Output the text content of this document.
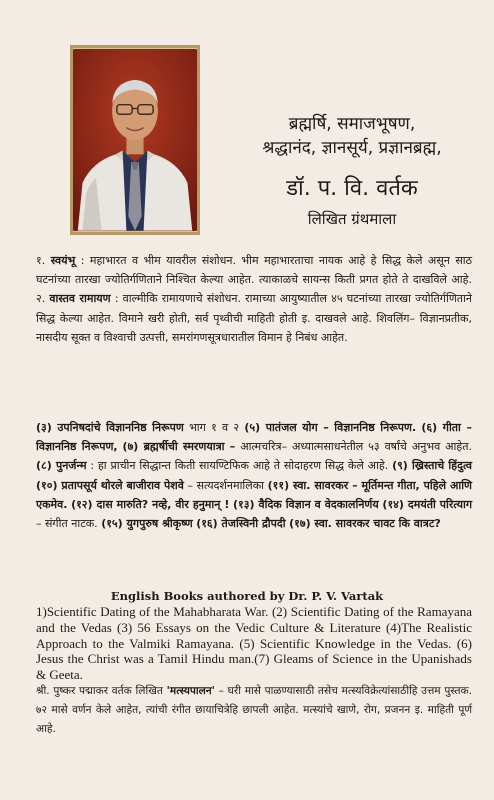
ब्रह्मर्षि, समाजभूषण,
श्रद्धानंद, ज्ञानसूर्य, प्रज्ञानब्रह्म,
डॉ. प. वि. वर्तक
लिखित ग्रंथमाला

१. स्वयंभू : महाभारत व भीम यावरील संशोधन. भीम महाभारताचा नायक आहे हे सिद्ध केले असून साठ घटनांच्या तारखा ज्योतिर्गणिताने निश्चित केल्या आहेत. त्याकाळचे सायन्स किती प्रगत होते ते दाखविले आहे. २. वास्तव रामायण : वाल्मीकि रामायणाचे संशोधन. रामाच्या आयुष्यातील ४५ घटनांच्या तारखा ज्योतिर्गणिताने सिद्ध केल्या आहेत. विमाने खरी होती, सर्व पृथ्वीची माहिती होती इ. दाखवले आहे. शिवलिंग– विज्ञानप्रतीक, नासदीय सूक्त व विश्वाची उत्पत्ती, समरांगणसूत्रधारातील विमान हे निबंध आहेत.

(३) उपनिषदांचे विज्ञाननिष्ठ निरूपण भाग १ व २ (५) पातंजल योग – विज्ञाननिष्ठ निरूपण. (६) गीता – विज्ञाननिष्ठ निरूपण, (७) ब्रह्मर्षीची स्मरणयात्रा – आत्मचरित्र– अध्यात्मसाधनेतील ५३ वर्षांचे अनुभव आहेत. (८) पुनर्जन्म : हा प्राचीन सिद्धान्त किती सायण्टिफिक आहे ते सोदाहरण सिद्ध केले आहे. (९) ख्रिस्ताचे हिंदुत्व (१०) प्रतापसूर्य थोरले बाजीराव पेशवे – सत्यदर्शनमालिका (११) स्वा. सावरकर – मूर्तिमन्त गीता, पहिले आणि एकमेव. (१२) दास मारुति? नव्हे, वीर हनुमान् ! (१३) वैदिक विज्ञान व वेदकालनिर्णय (१४) दमयंती परित्याग – संगीत नाटक. (१५) युगपुरुष श्रीकृष्ण (१६) तेजस्विनी द्रौपदी (१७) स्वा. सावरकर चावट कि वात्रट?

English Books authored by Dr. P. V. Vartak

1)Scientific Dating of the Mahabharata War. (2) Scientific Dating of the Ramayana and the Vedas (3) 56 Essays on the Vedic Culture & Literature (4)The Realistic Approach to the Valmiki Ramayana. (5) Scientific Knowledge in the Vedas. (6) Jesus the Christ was a Tamil Hindu man.(7) Gleams of Science in the Upanishads & Geeta.

श्री. पुष्कर पद्माकर वर्तक लिखित 'मत्स्यपालन' – घरी मासे पाळण्यासाठी तसेच मत्स्यविक्रेत्यांसाठीहि उत्तम पुस्तक. ७२ मासे वर्णन केले आहेत, त्यांची रंगीत छायाचित्रेहि छापली आहेत. मत्स्यांचे खाणे, रोग, प्रजनन इ. माहिती पूर्ण आहे.
